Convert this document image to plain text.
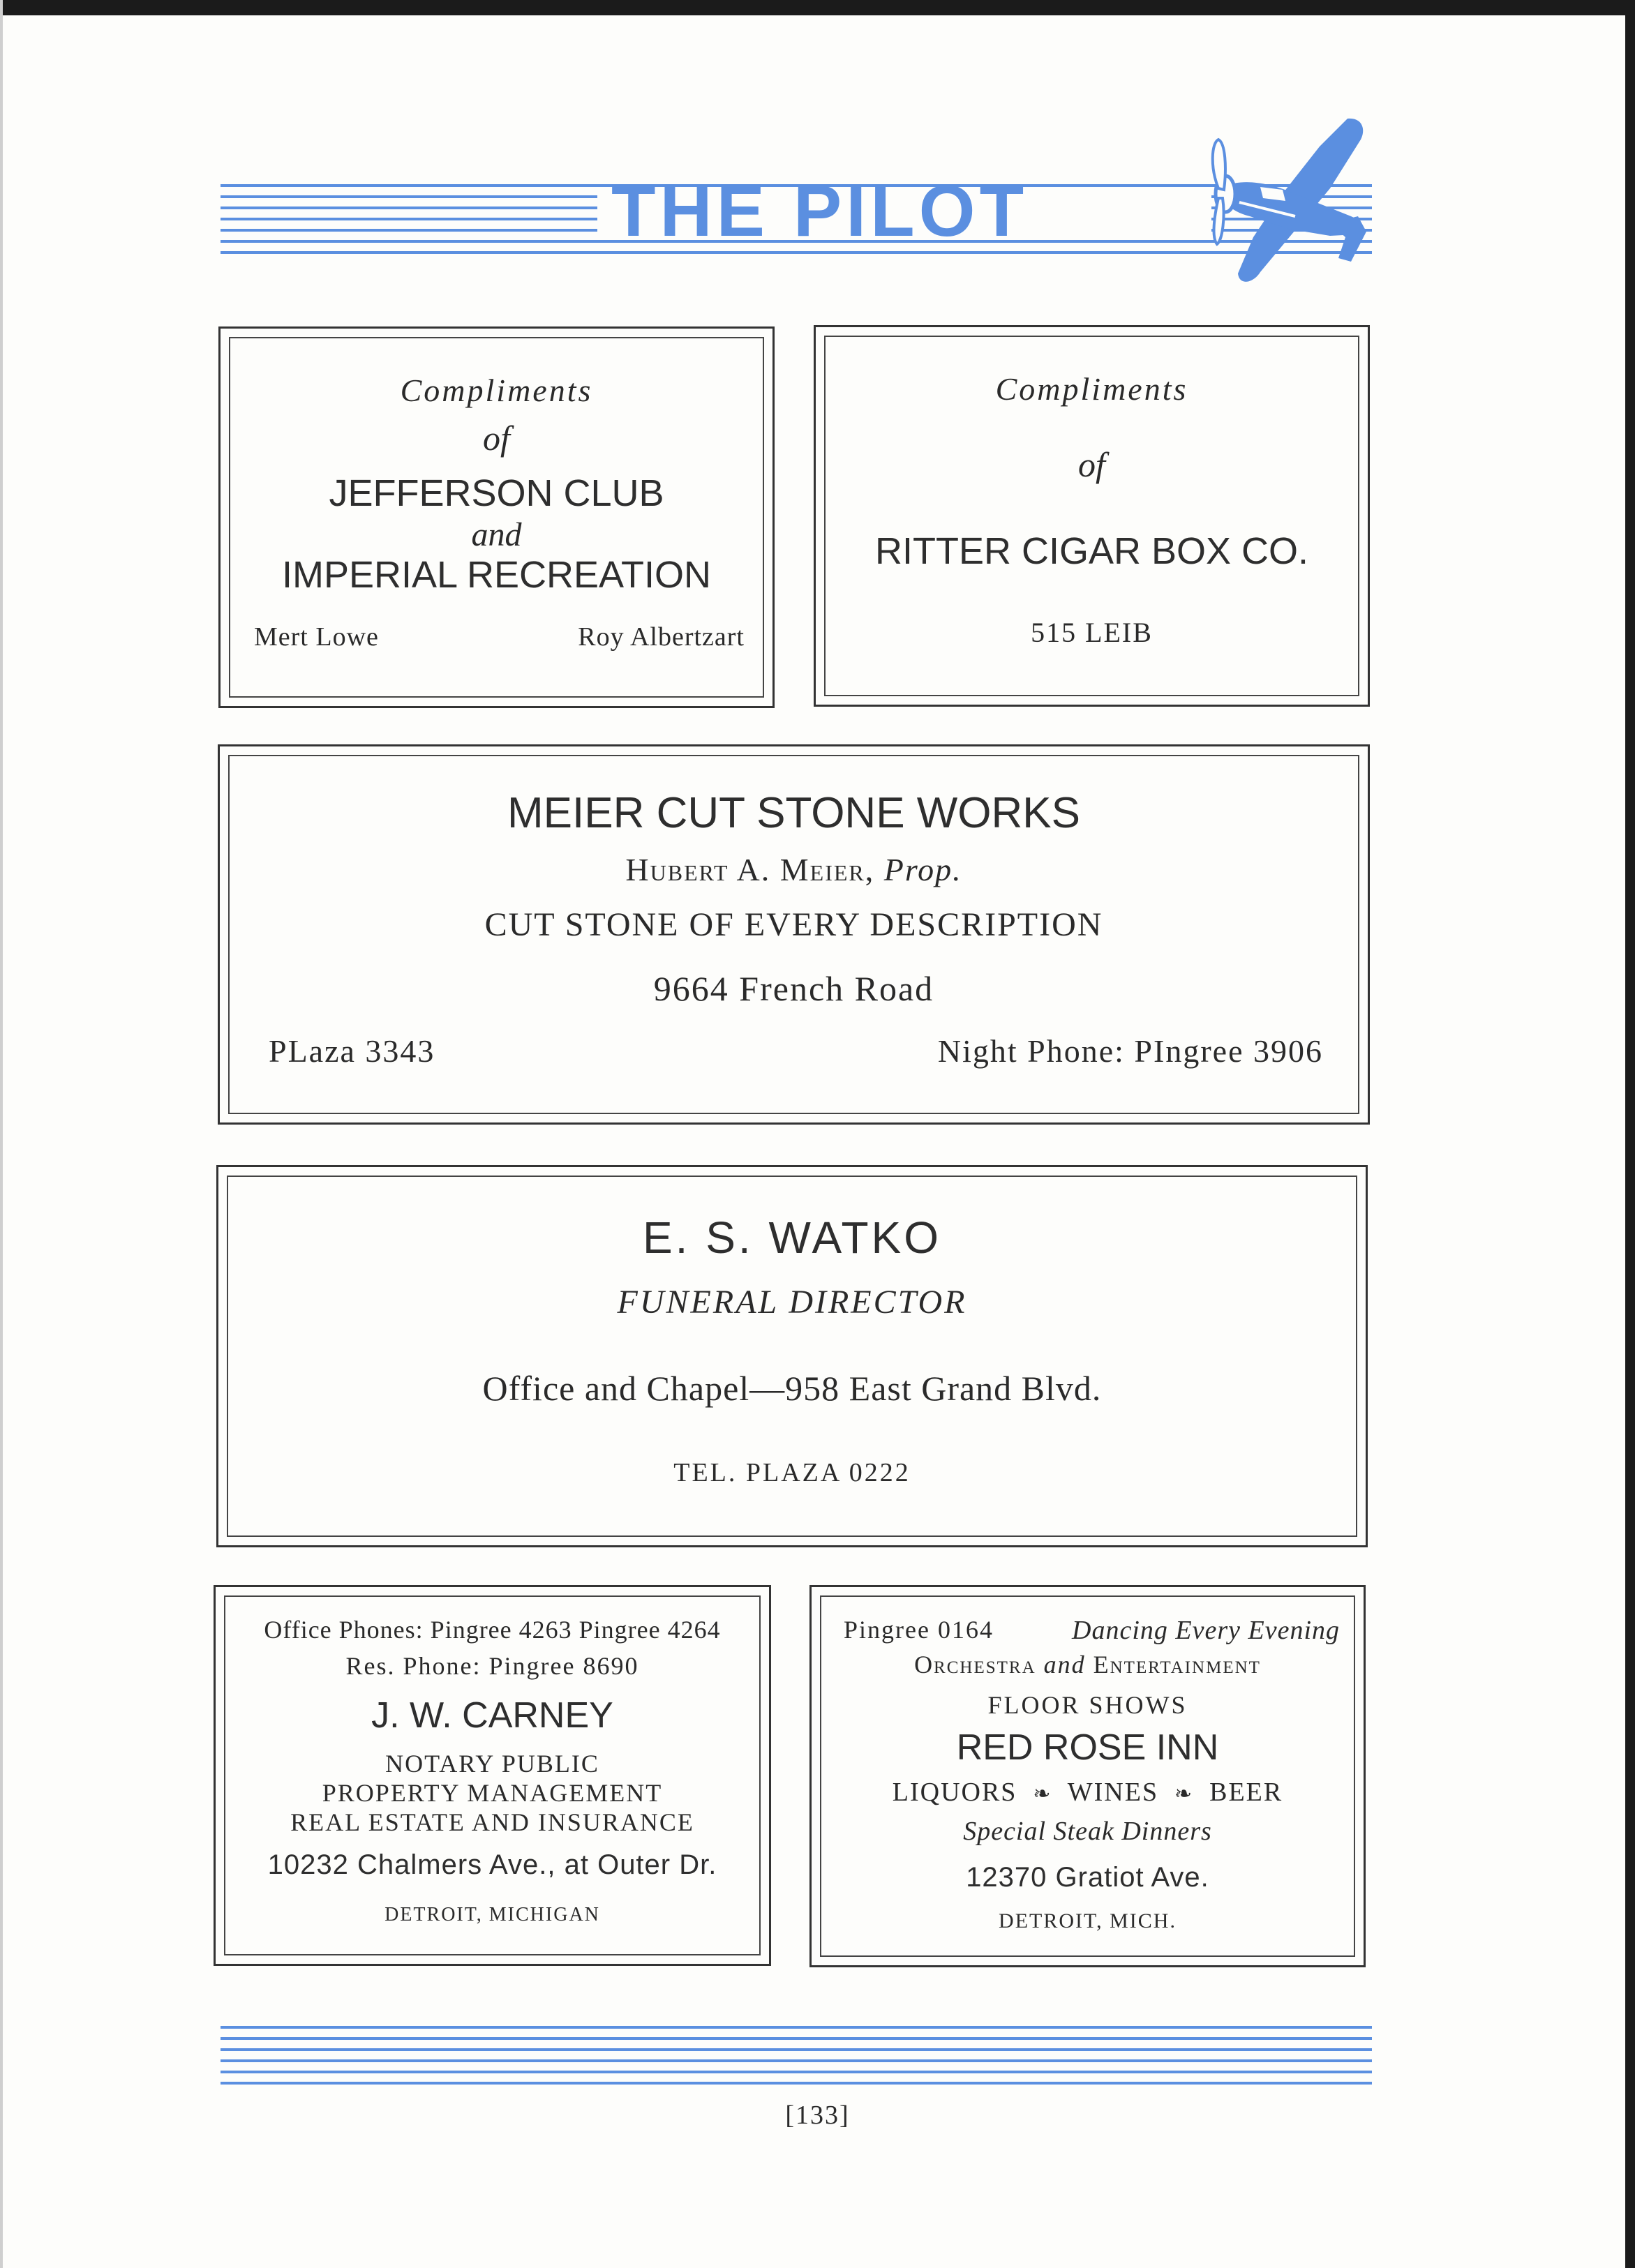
THE PILOT
Compliments
of
JEFFERSON CLUB
and
IMPERIAL RECREATION
Mert Lowe	Roy Albertzart
Compliments
of
RITTER CIGAR BOX CO.
515 LEIB
MEIER CUT STONE WORKS
Hubert A. Meier, Prop.
CUT STONE OF EVERY DESCRIPTION
9664 French Road
PLaza 3343	Night Phone: PIngree 3906
E. S. WATKO
FUNERAL DIRECTOR
Office and Chapel—958 East Grand Blvd.
TEL. PLAZA 0222
Office Phones: Pingree 4263 Pingree 4264
Res. Phone: Pingree 8690
J. W. CARNEY
NOTARY PUBLIC
PROPERTY MANAGEMENT
REAL ESTATE AND INSURANCE
10232 Chalmers Ave., at Outer Dr.
DETROIT, MICHIGAN
Pingree 0164	Dancing Every Evening
Orchestra and Entertainment
FLOOR SHOWS
RED ROSE INN
LIQUORS ❧ WINES ❧ BEER
Special Steak Dinners
12370 Gratiot Ave.
DETROIT, MICH.
[133]
